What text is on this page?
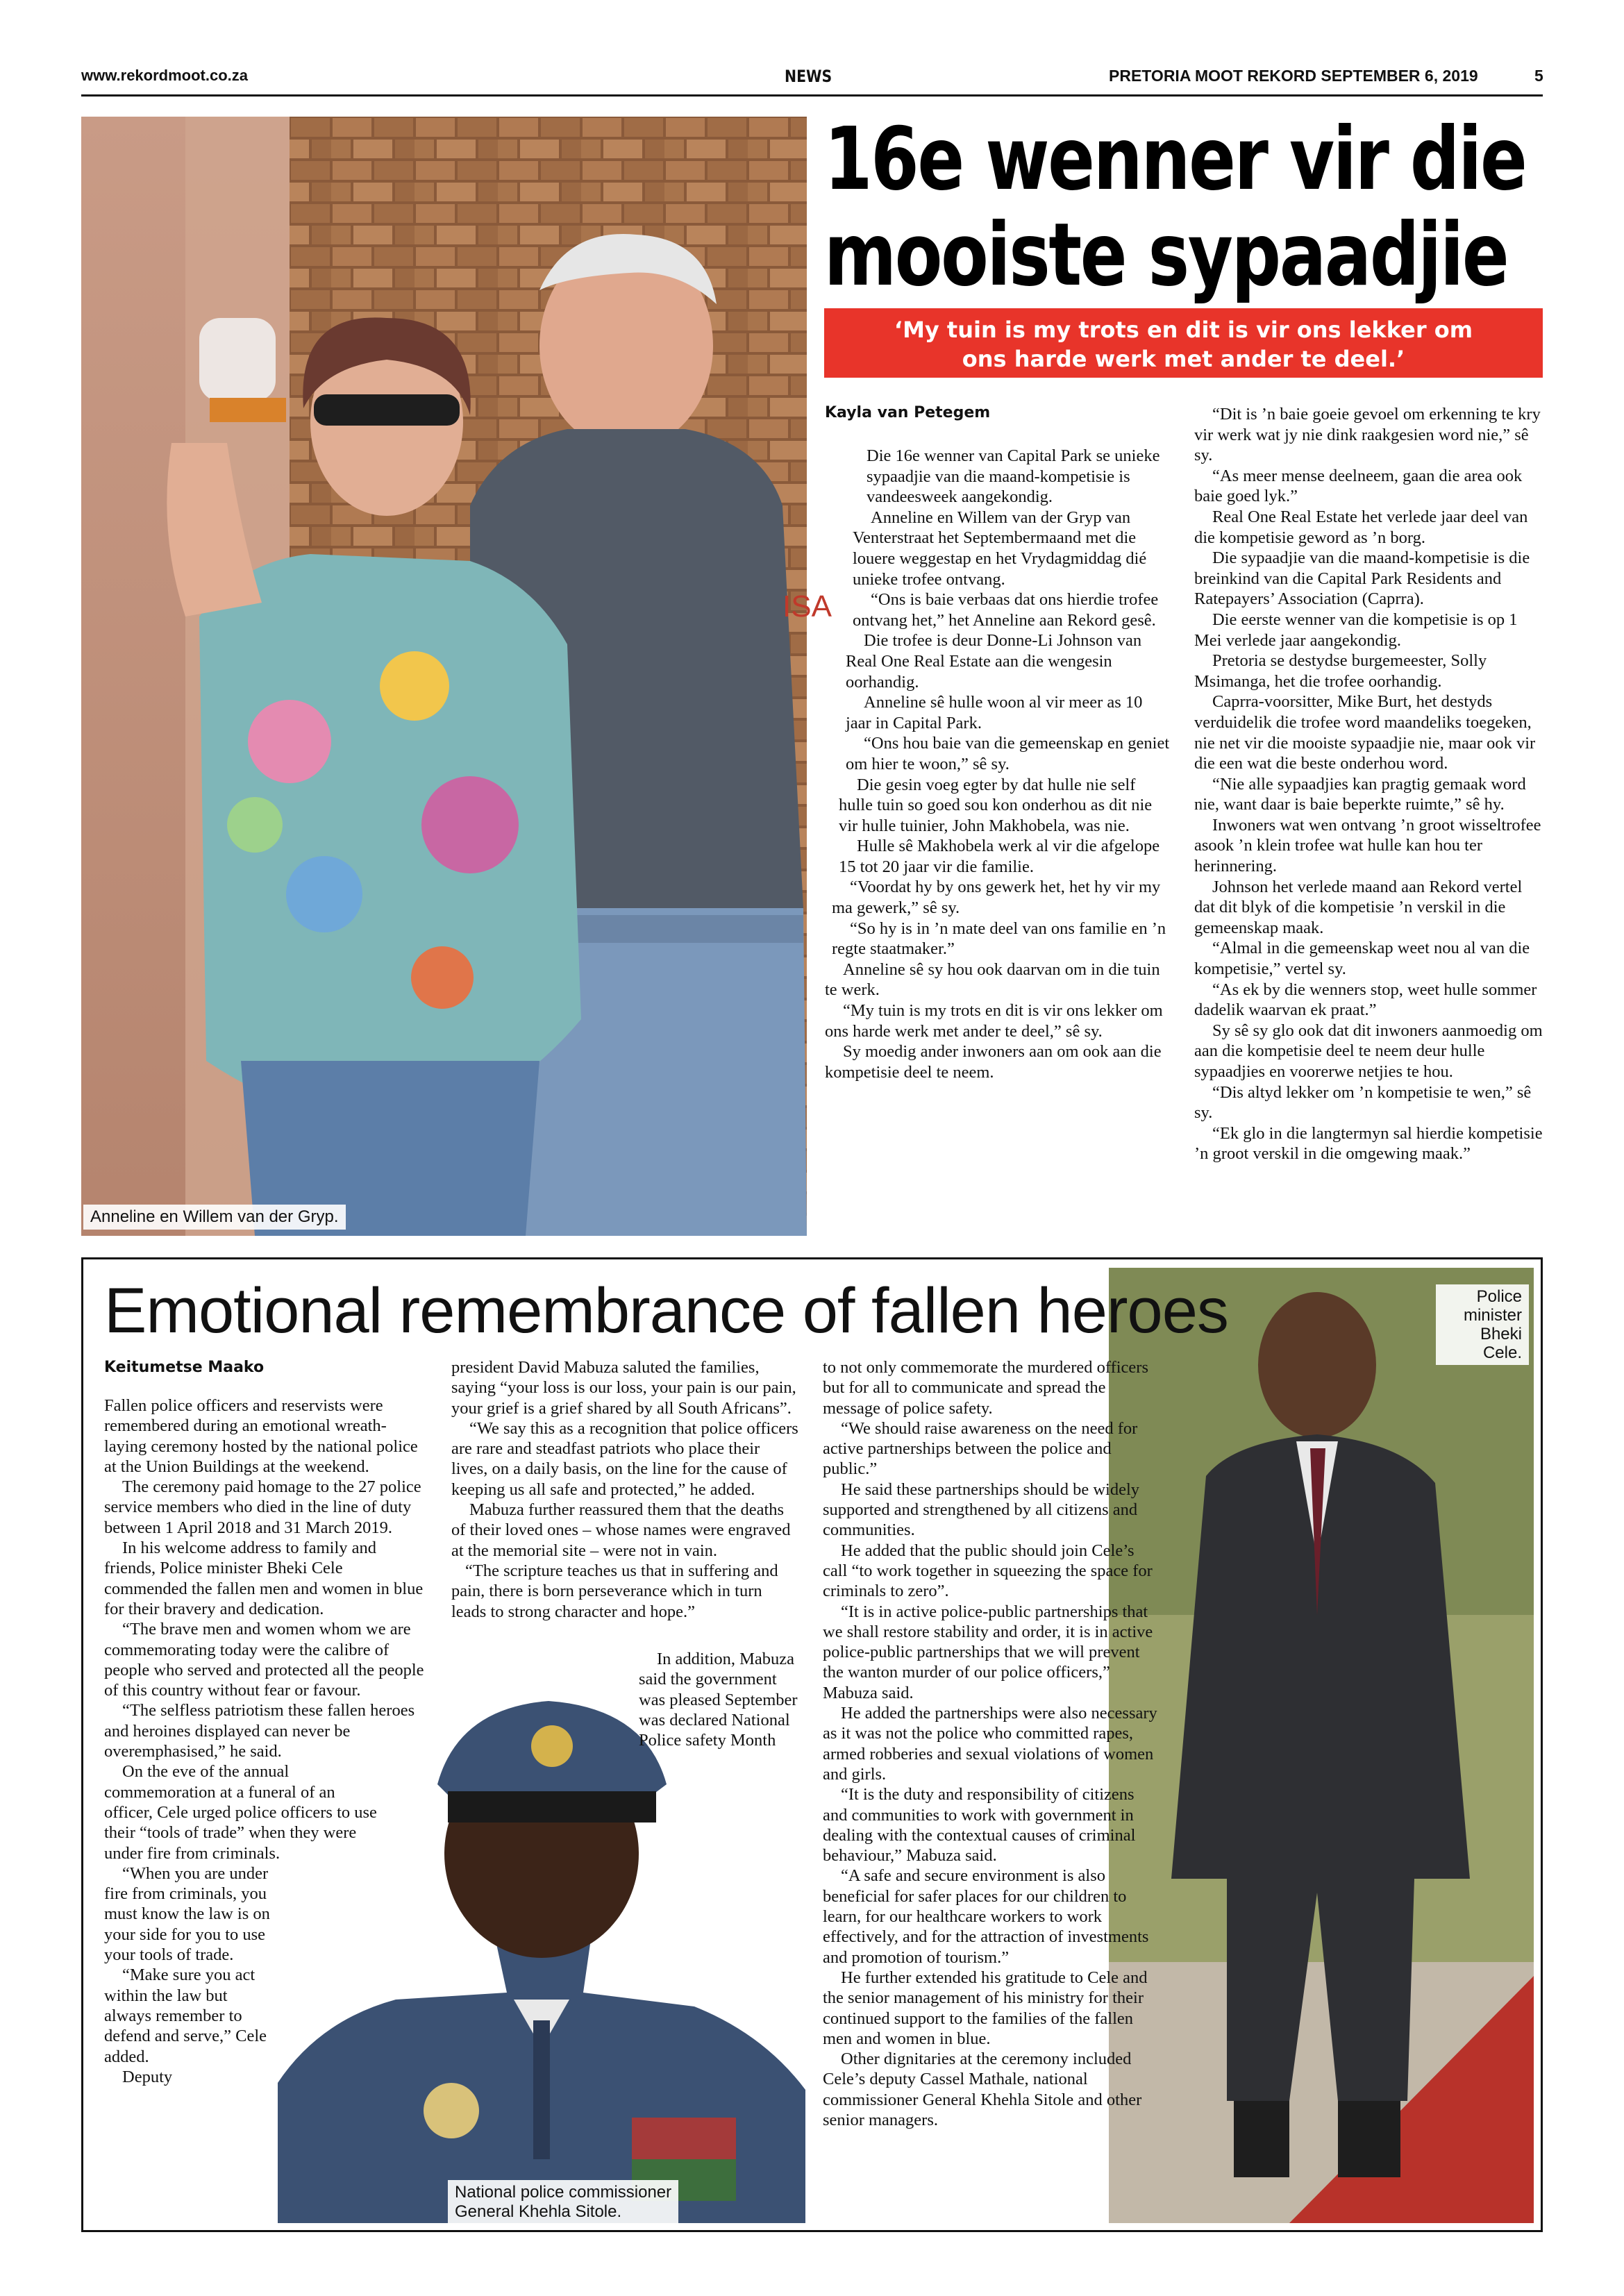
www.rekordmoot.co.za	NEWS	PRETORIA MOOT REKORD SEPTEMBER 6, 2019	5
ISA
Anneline en Willem van der Gryp.
16e wenner vir die
mooiste sypaadjie
‘My tuin is my trots en dit is vir ons lekker om
ons harde werk met ander te deel.’
Kayla van Petegem

Die 16e wenner van Capital Park se unieke sypaadjie van die maand-kompetisie is vandeesweek aangekondig.

Anneline en Willem van der Gryp van Venterstraat het Septembermaand met die louere weggestap en het Vrydagmiddag dié unieke trofee ontvang.

“Ons is baie verbaas dat ons hierdie trofee ontvang het,” het Anneline aan Rekord gesê.

Die trofee is deur Donne-Li Johnson van Real One Real Estate aan die wengesin oorhandig.

Anneline sê hulle woon al vir meer as 10 jaar in Capital Park.

“Ons hou baie van die gemeenskap en geniet om hier te woon,” sê sy.

Die gesin voeg egter by dat hulle nie self hulle tuin so goed sou kon onderhou as dit nie vir hulle tuinier, John Makhobela, was nie.

Hulle sê Makhobela werk al vir die afgelope 15 tot 20 jaar vir die familie.

“Voordat hy by ons gewerk het, het hy vir my ma gewerk,” sê sy.

“So hy is in ’n mate deel van ons familie en ’n regte staatmaker.”

Anneline sê sy hou ook daarvan om in die tuin te werk.

“My tuin is my trots en dit is vir ons lekker om ons harde werk met ander te deel,” sê sy.

Sy moedig ander inwoners aan om ook aan die kompetisie deel te neem.

“Dit is ’n baie goeie gevoel om erkenning te kry vir werk wat jy nie dink raakgesien word nie,” sê sy.

“As meer mense deelneem, gaan die area ook baie goed lyk.”

Real One Real Estate het verlede jaar deel van die kompetisie geword as ’n borg.

Die sypaadjie van die maand-kompetisie is die breinkind van die Capital Park Residents and Ratepayers’ Association (Caprra).

Die eerste wenner van die kompetisie is op 1 Mei verlede jaar aangekondig.

Pretoria se destydse burgemeester, Solly Msimanga, het die trofee oorhandig.

Caprra-voorsitter, Mike Burt, het destyds verduidelik die trofee word maandeliks toegeken, nie net vir die mooiste sypaadjie nie, maar ook vir die een wat die beste onderhou word.

“Nie alle sypaadjies kan pragtig gemaak word nie, want daar is baie beperkte ruimte,” sê hy.

Inwoners wat wen ontvang ’n groot wisseltrofee asook ’n klein trofee wat hulle kan hou ter herinnering.

Johnson het verlede maand aan Rekord vertel dat dit blyk of die kompetisie ’n verskil in die gemeenskap maak.

“Almal in die gemeenskap weet nou al van die kompetisie,” vertel sy.

“As ek by die wenners stop, weet hulle sommer dadelik waarvan ek praat.”

Sy sê sy glo ook dat dit inwoners aanmoedig om aan die kompetisie deel te neem deur hulle sypaadjies en voorerwe netjies te hou.

“Dis altyd lekker om ’n kompetisie te wen,” sê sy.

“Ek glo in die langtermyn sal hierdie kompetisie ’n groot verskil in die omgewing maak.”

Police
minister
Bheki
Cele.
National police commissioner
General Khehla Sitole.
Emotional remembrance of fallen heroes
Keitumetse Maako

Fallen police officers and reservists were remembered during an emotional wreath-laying ceremony hosted by the national police at the Union Buildings at the weekend.

The ceremony paid homage to the 27 police service members who died in the line of duty between 1 April 2018 and 31 March 2019.

In his welcome address to family and friends, Police minister Bheki Cele commended the fallen men and women in blue for their bravery and dedication.

“The brave men and women whom we are commemorating today were the calibre of people who served and protected all the people of this country without fear or favour.

“The selfless patriotism these fallen heroes and heroines displayed can never be overemphasised,” he said.

On the eve of the annual commemoration at a funeral of an officer, Cele urged police officers to use their “tools of trade” when they were under fire from criminals.

“When you are under fire from criminals, you must know the law is on your side for you to use your tools of trade.

“Make sure you act within the law but always remember to defend and serve,” Cele added.

Deputy

president David Mabuza saluted the families, saying “your loss is our loss, your pain is our pain, your grief is a grief shared by all South Africans”.

“We say this as a recognition that police officers are rare and steadfast patriots who place their lives, on a daily basis, on the line for the cause of keeping us all safe and protected,” he added.

Mabuza further reassured them that the deaths of their loved ones – whose names were engraved at the memorial site – were not in vain.

“The scripture teaches us that in suffering and pain, there is born perseverance which in turn leads to strong character and hope.”

In addition, Mabuza said the government was pleased September was declared National Police safety Month

to not only commemorate the murdered officers but for all to communicate and spread the message of police safety.

“We should raise awareness on the need for active partnerships between the police and public.”

He said these partnerships should be widely supported and strengthened by all citizens and communities.

He added that the public should join Cele’s call “to work together in squeezing the space for criminals to zero”.

“It is in active police-public partnerships that we shall restore stability and order, it is in active police-public partnerships that we will prevent the wanton murder of our police officers,” Mabuza said.

He added the partnerships were also necessary as it was not the police who committed rapes, armed robberies and sexual violations of women and girls.

“It is the duty and responsibility of citizens and communities to work with government in dealing with the contextual causes of criminal behaviour,” Mabuza said.

“A safe and secure environment is also beneficial for safer places for our children to learn, for our healthcare workers to work effectively, and for the attraction of investments and promotion of tourism.”

He further extended his gratitude to Cele and the senior management of his ministry for their continued support to the families of the fallen men and women in blue.

Other dignitaries at the ceremony included Cele’s deputy Cassel Mathale, national commissioner General Khehla Sitole and other senior managers.
